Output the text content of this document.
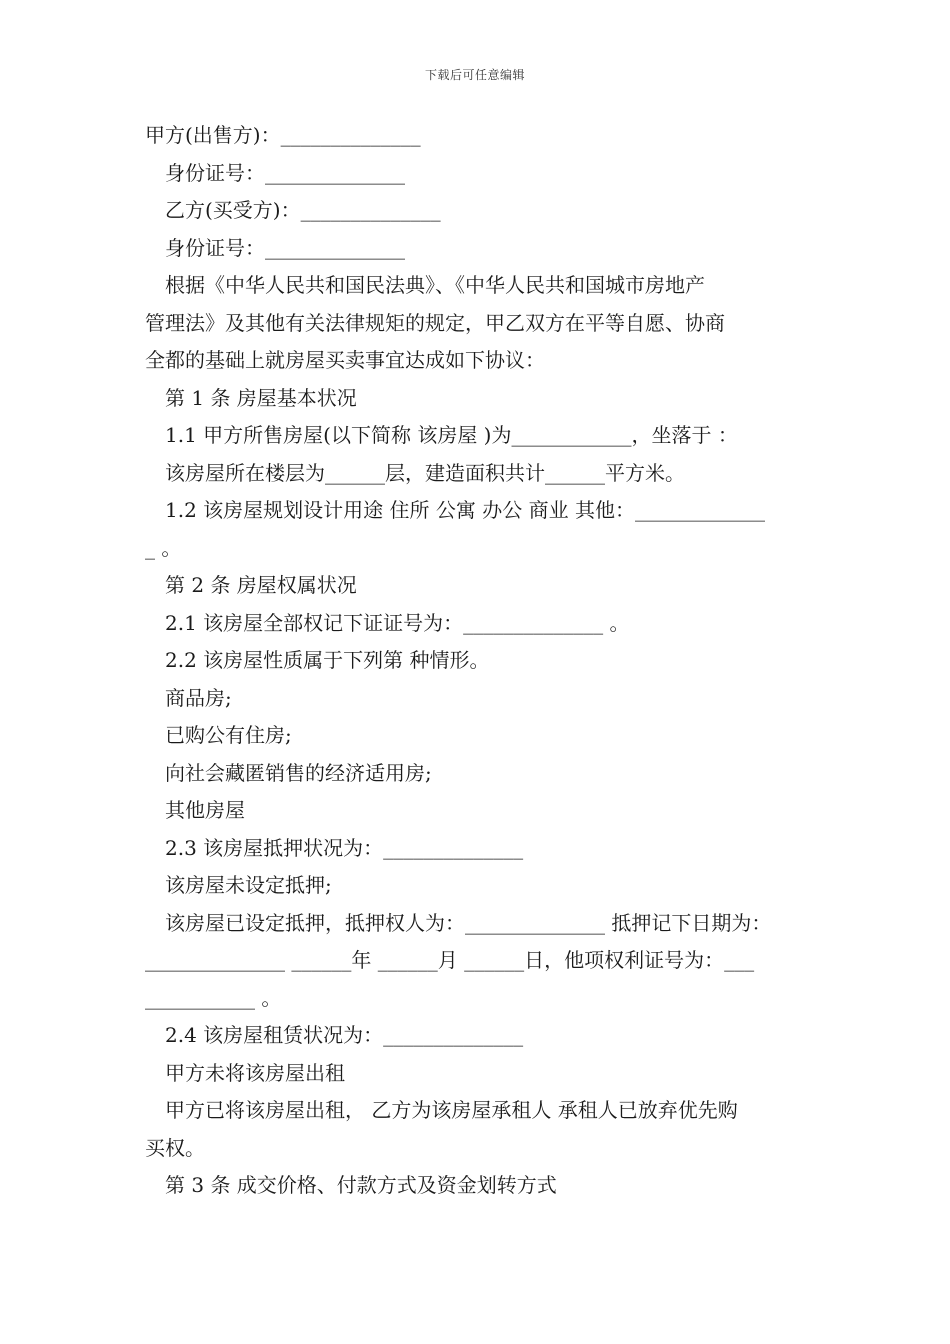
下载后可任意编辑
甲方(出售方)：______________
身份证号：______________
乙方(买受方)：______________
身份证号：______________
根据《中华人民共和国民法典》、《中华人民共和国城市房地产
管理法》及其他有关法律规矩的规定，甲乙双方在平等自愿、协商
全都的基础上就房屋买卖事宜达成如下协议：
第 1 条 房屋基本状况
1.1 甲方所售房屋(以下简称 该房屋 )为____________，坐落于 ：
该房屋所在楼层为______层，建造面积共计______平方米。
1.2 该房屋规划设计用途 住所 公寓 办公 商业 其他：_____________
_ 。
第 2 条 房屋权属状况
2.1 该房屋全部权记下证证号为：______________ 。
2.2 该房屋性质属于下列第 种情形。
商品房;
已购公有住房;
向社会藏匿销售的经济适用房;
其他房屋
2.3 该房屋抵押状况为：______________
该房屋未设定抵押;
该房屋已设定抵押，抵押权人为：______________ 抵押记下日期为：
______________ ______年 ______月 ______日，他项权利证号为：___
___________ 。
2.4 该房屋租赁状况为：______________
甲方未将该房屋出租
甲方已将该房屋出租， 乙方为该房屋承租人 承租人已放弃优先购
买权。
第 3 条 成交价格、付款方式及资金划转方式
